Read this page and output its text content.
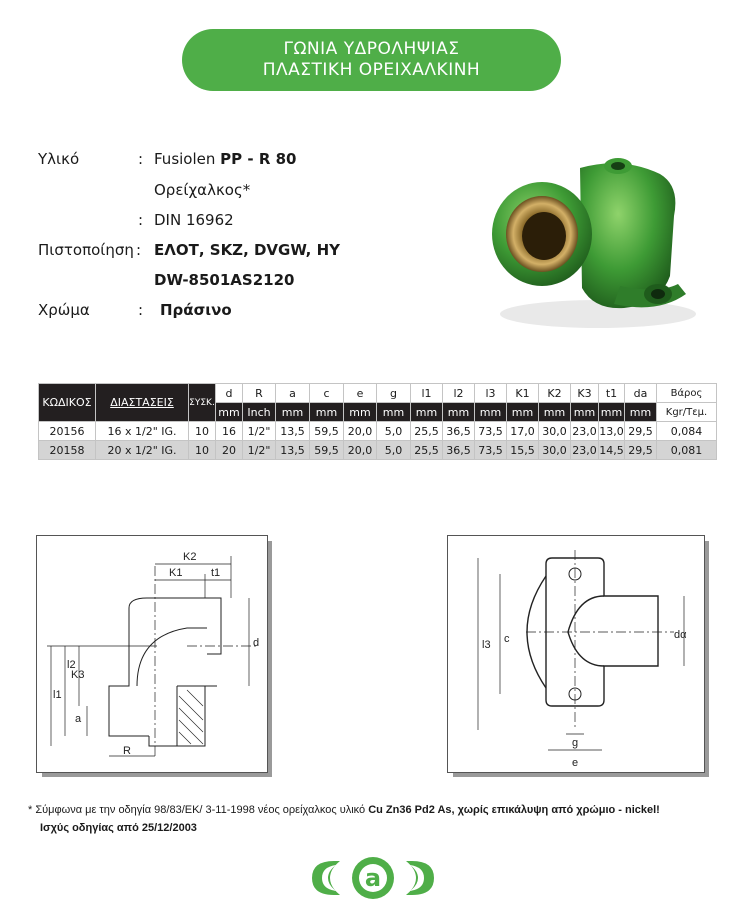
ΓΩΝΙΑ ΥΔΡΟΛΗΨΙΑΣ
ΠΛΑΣΤΙΚΗ ΟΡΕΙΧΑΛΚΙΝΗ
Υλικό	: Fusiolen PP - R 80
Ορείχαλκος*
: DIN 16962
Πιστοποίηση : ΕΛΟΤ, SKZ, DVGW, HY
DW-8501AS2120
Χρώμα	: Πράσινο
ΚΩΔΙΚΟΣ	ΔΙΑΣΤΑΣΕΙΣ	ΣΥΣΚ.	d	R	a	c	e	g	l1	l2	l3	K1	K2	K3	t1	da	Βάρος
			mm	Inch	mm	mm	mm	mm	mm	mm	mm	mm	mm	mm	mm	mm	Kgr/Τεμ.
20156	16 x 1/2" IG.	10	16	1/2"	13,5	59,5	20,0	5,0	25,5	36,5	73,5	17,0	30,0	23,0	13,0	29,5	0,084
20158	20 x 1/2" IG.	10	20	1/2"	13,5	59,5	20,0	5,0	25,5	36,5	73,5	15,5	30,0	23,0	14,5	29,5	0,081
K2
K1	t1
d
l2
l1
K3
a
R
l3 c	dα
g
e
* Σύμφωνα με την οδηγία 98/83/ΕΚ/ 3-11-1998 νέος ορείχαλκος υλικό Cu Zn36 Pd2 As, χωρίς επικάλυψη από χρώμιο - nickel!
Ισχύς οδηγίας από 25/12/2003
a
